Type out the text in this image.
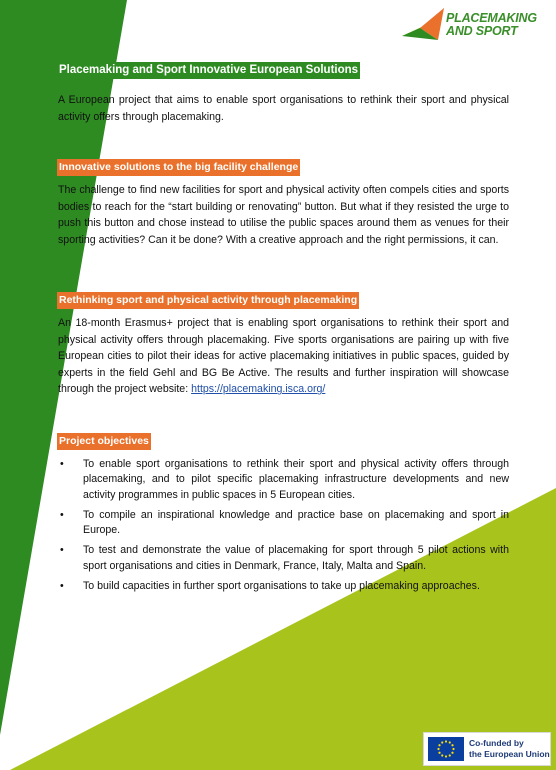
PLACEMAKING
AND SPORT
Placemaking and Sport Innovative European Solutions

A European project that aims to enable sport organisations to rethink their sport and physical activity offers through placemaking.

Innovative solutions to the big facility challenge

The challenge to find new facilities for sport and physical activity often compels cities and sports bodies to reach for the “start building or renovating” button. But what if they resisted the urge to push this button and chose instead to utilise the public spaces around them as venues for their sporting activities? Can it be done? With a creative approach and the right permissions, it can.

Rethinking sport and physical activity through placemaking

An 18-month Erasmus+ project that is enabling sport organisations to rethink their sport and physical activity offers through placemaking. Five sports organisations are pairing up with five European cities to pilot their ideas for active placemaking initiatives in public spaces, guided by experts in the field Gehl and BG Be Active. The results and further inspiration will showcase through the project website: https://placemaking.isca.org/

Project objectives
• To enable sport organisations to rethink their sport and physical activity offers through placemaking, and to pilot specific placemaking infrastructure developments and new activity programmes in public spaces in 5 European cities.
• To compile an inspirational knowledge and practice base on placemaking and sport in Europe.
• To test and demonstrate the value of placemaking for sport through 5 pilot actions with sport organisations and cities in Denmark, France, Italy, Malta and Spain.
• To build capacities in further sport organisations to take up placemaking approaches.
Co-funded by
the European Union
